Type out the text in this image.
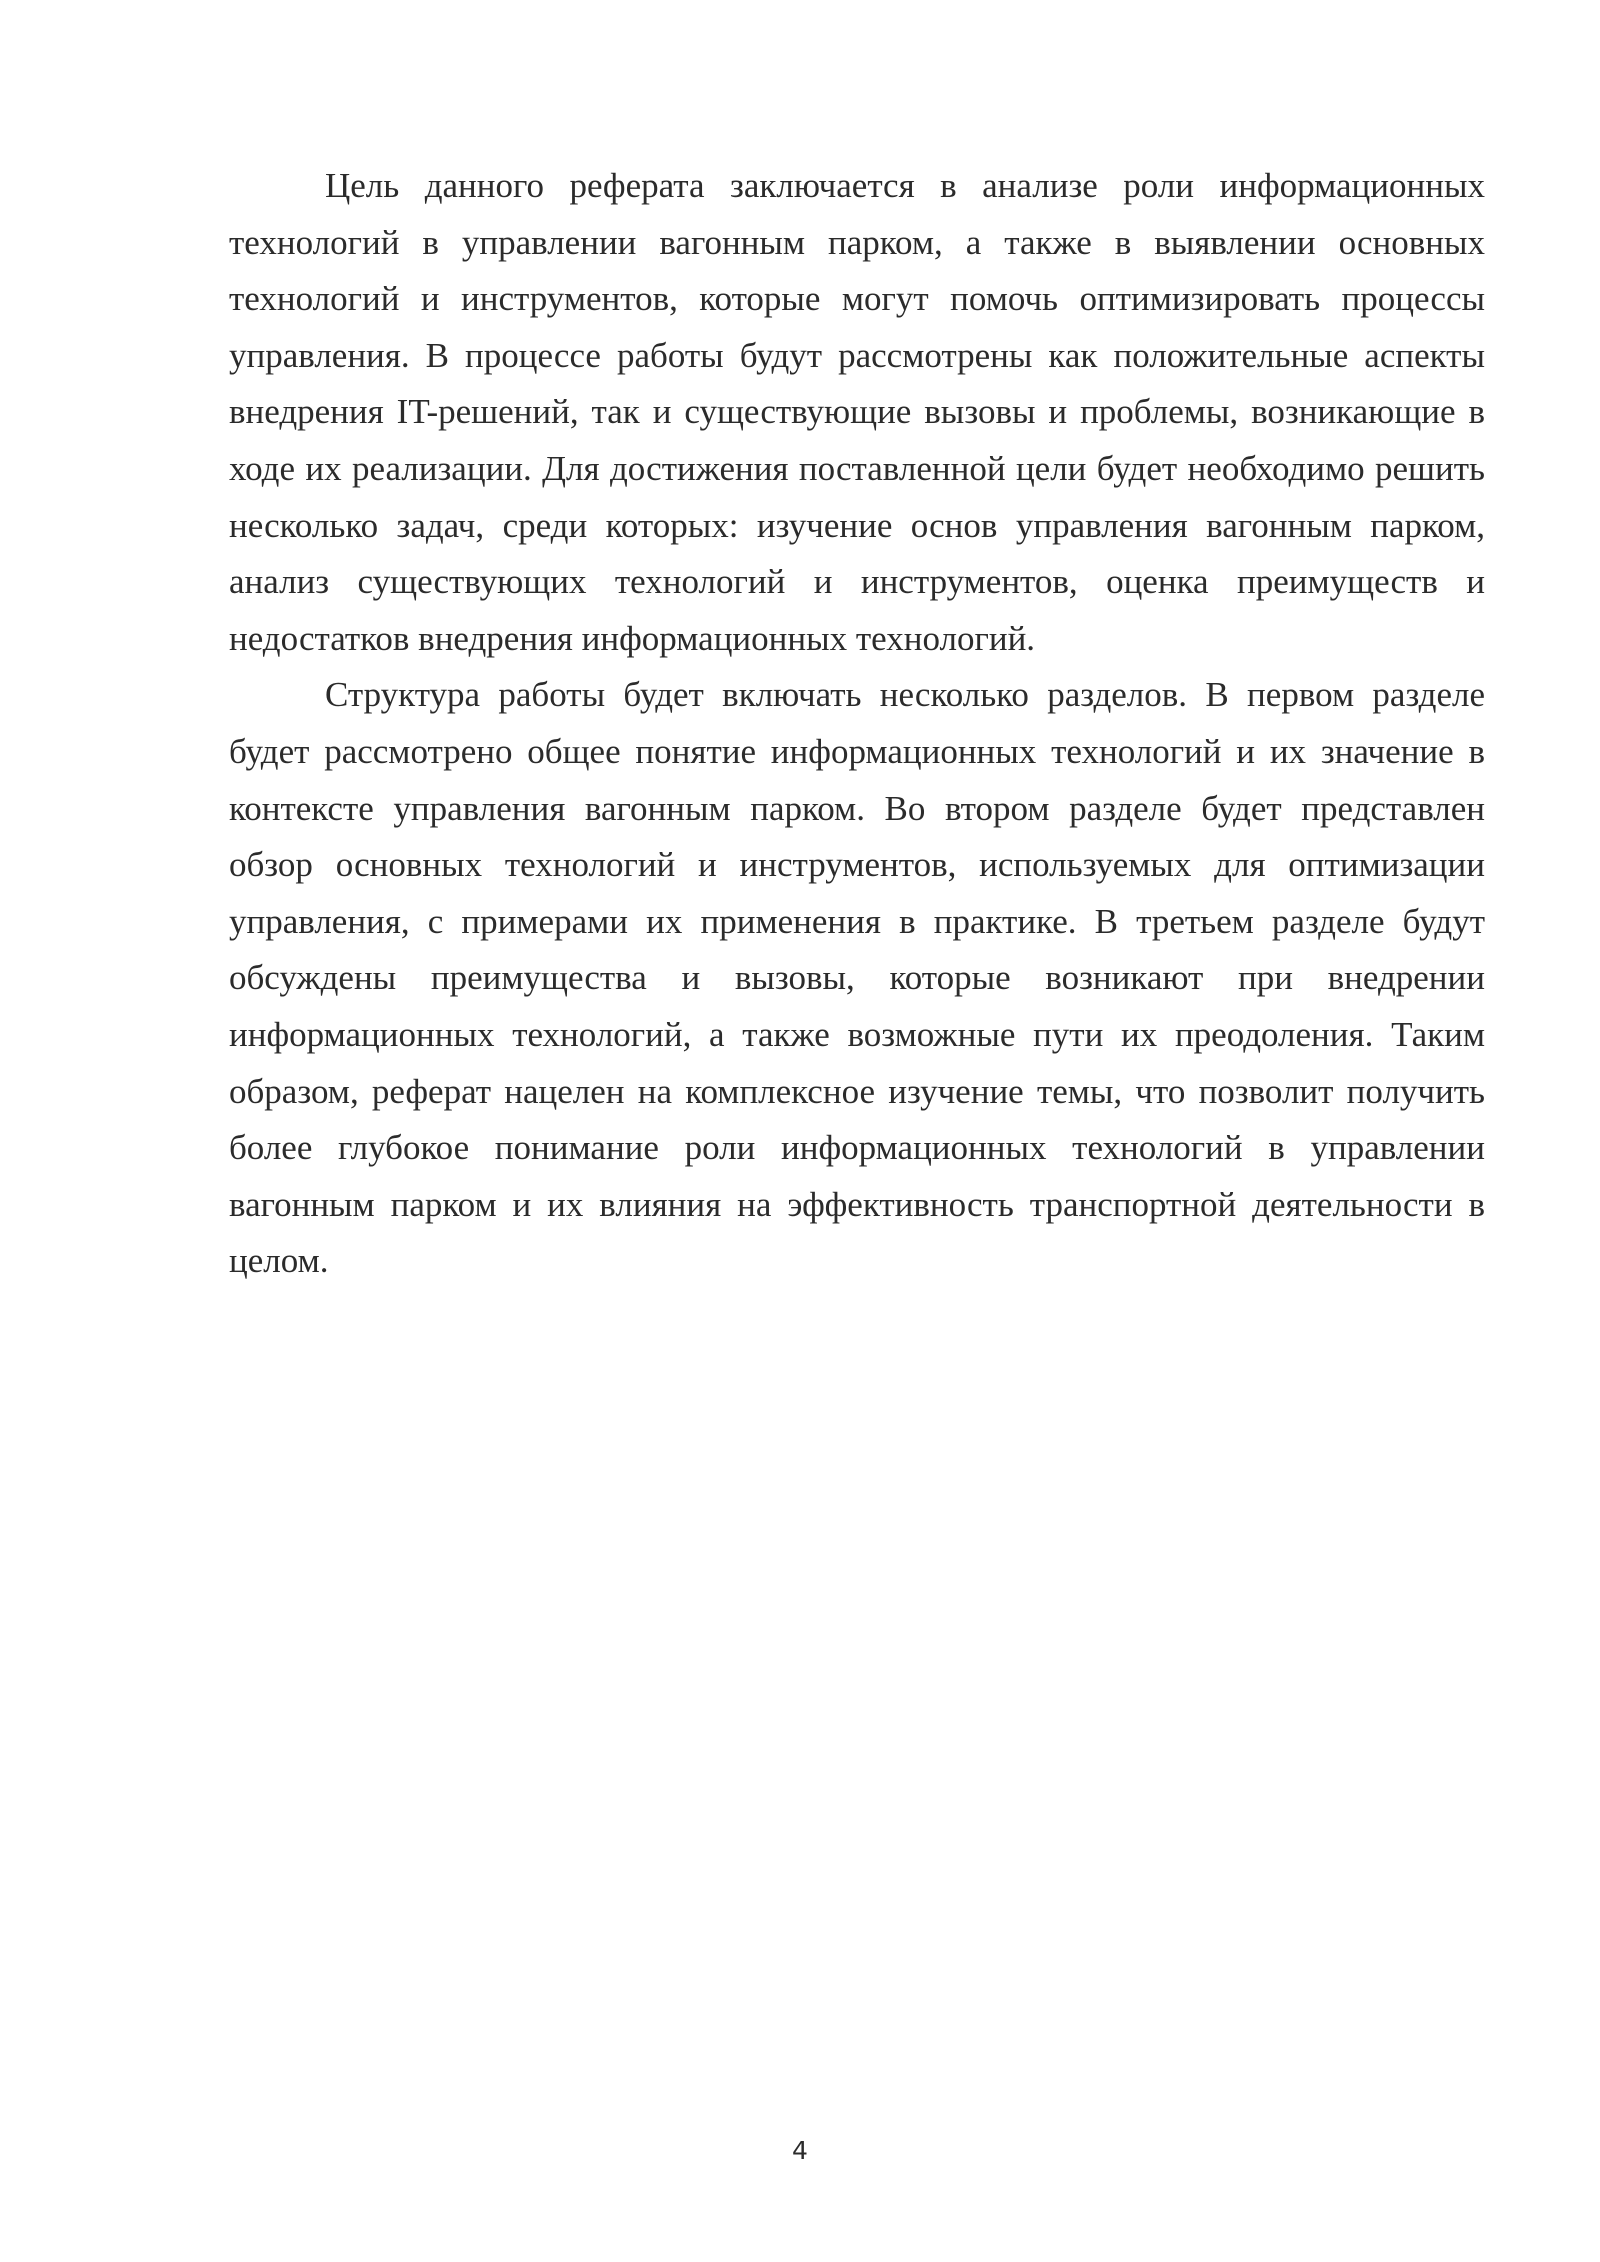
Цель данного реферата заключается в анализе роли информационных технологий в управлении вагонным парком, а также в выявлении основных технологий и инструментов, которые могут помочь оптимизировать процессы управления. В процессе работы будут рассмотрены как положительные аспекты внедрения IT-решений, так и существующие вызовы и проблемы, возникающие в ходе их реализации. Для достижения поставленной цели будет необходимо решить несколько задач, среди которых: изучение основ управления вагонным парком, анализ существующих технологий и инструментов, оценка преимуществ и недостатков внедрения информационных технологий.

Структура работы будет включать несколько разделов. В первом разделе будет рассмотрено общее понятие информационных технологий и их значение в контексте управления вагонным парком. Во втором разделе будет представлен обзор основных технологий и инструментов, используемых для оптимизации управления, с примерами их применения в практике. В третьем разделе будут обсуждены преимущества и вызовы, которые возникают при внедрении информационных технологий, а также возможные пути их преодоления. Таким образом, реферат нацелен на комплексное изучение темы, что позволит получить более глубокое понимание роли информационных технологий в управлении вагонным парком и их влияния на эффективность транспортной деятельности в целом.

4
